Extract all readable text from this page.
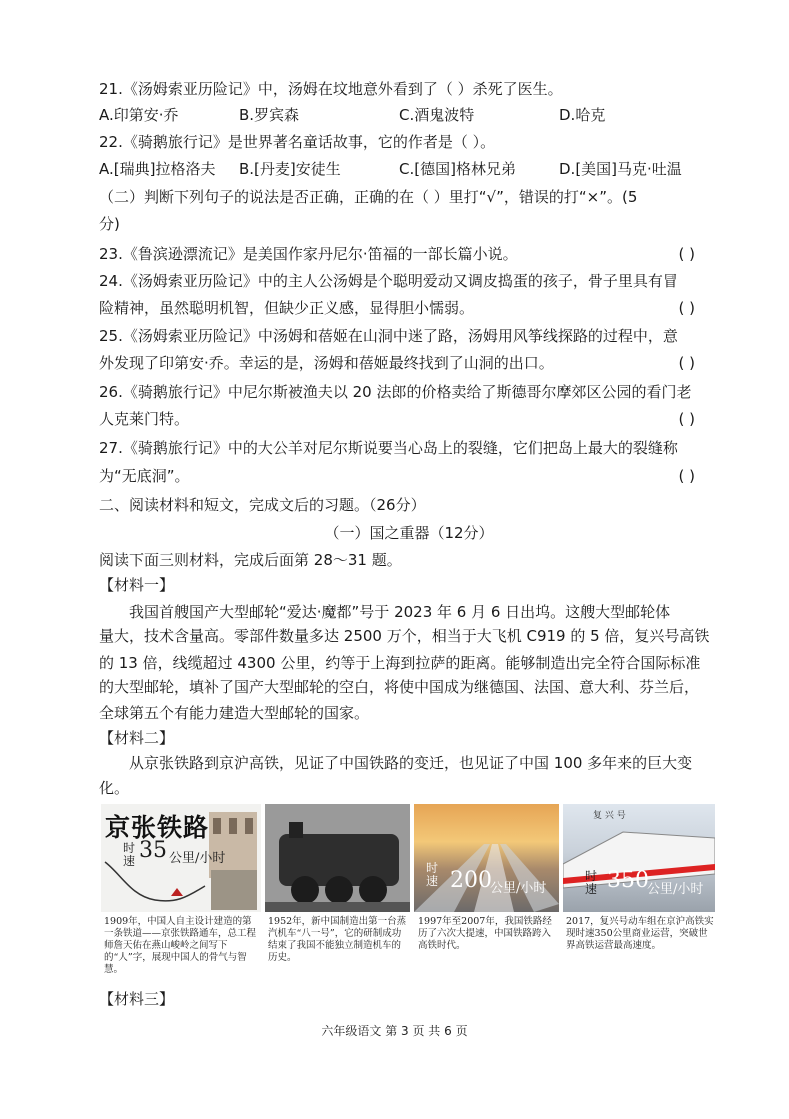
21.《汤姆索亚历险记》中，汤姆在坟地意外看到了（ ）杀死了医生。
A.印第安·乔	B.罗宾森	C.酒鬼波特	D.哈克
22.《骑鹅旅行记》是世界著名童话故事，它的作者是（ ）。
A.[瑞典]拉格洛夫	B.[丹麦]安徒生	C.[德国]格林兄弟	D.[美国]马克·吐温
（二）判断下列句子的说法是否正确，正确的在（ ）里打“√”，错误的打“×”。(5
分)
23.《鲁滨逊漂流记》是美国作家丹尼尔·笛福的一部长篇小说。	( )
24.《汤姆索亚历险记》中的主人公汤姆是个聪明爱动又调皮捣蛋的孩子，骨子里具有冒
险精神，虽然聪明机智，但缺少正义感，显得胆小懦弱。	( )
25.《汤姆索亚历险记》中汤姆和蓓姬在山洞中迷了路，汤姆用风筝线探路的过程中，意
外发现了印第安·乔。幸运的是，汤姆和蓓姬最终找到了山洞的出口。	( )
26.《骑鹅旅行记》中尼尔斯被渔夫以 20 法郎的价格卖给了斯德哥尔摩郊区公园的看门老
人克莱门特。	( )
27.《骑鹅旅行记》中的大公羊对尼尔斯说要当心岛上的裂缝，它们把岛上最大的裂缝称
为“无底洞”。	( )
二、阅读材料和短文，完成文后的习题。（26分）
（一）国之重器（12分）
阅读下面三则材料，完成后面第 28～31 题。
【材料一】
我国首艘国产大型邮轮“爱达·魔都”号于 2023 年 6 月 6 日出坞。这艘大型邮轮体
量大，技术含量高。零部件数量多达 2500 万个，相当于大飞机 C919 的 5 倍，复兴号高铁
的 13 倍，线缆超过 4300 公里，约等于上海到拉萨的距离。能够制造出完全符合国际标准
的大型邮轮，填补了国产大型邮轮的空白，将使中国成为继德国、法国、意大利、芬兰后，
全球第五个有能力建造大型邮轮的国家。
【材料二】
从京张铁路到京沪高铁，见证了中国铁路的变迁，也见证了中国 100 多年来的巨大变
化。
京张铁路
时速 35 公里/小时
时速 200
公里/小时
复 兴 号
时速 350
公里/小时
1909年，中国人自主设计建造的第一条铁道——京张铁路通车，总工程师詹天佑在燕山峻岭之间写下的“人”字，展现中国人的骨气与智慧。
1952年，新中国制造出第一台蒸汽机车“八一号”，它的研制成功结束了我国不能独立制造机车的历史。
1997年至2007年，我国铁路经历了六次大提速，中国铁路跨入高铁时代。
2017，复兴号动车组在京沪高铁实现时速350公里商业运营，突破世界高铁运营最高速度。
【材料三】
六年级语文 第 3 页 共 6 页
